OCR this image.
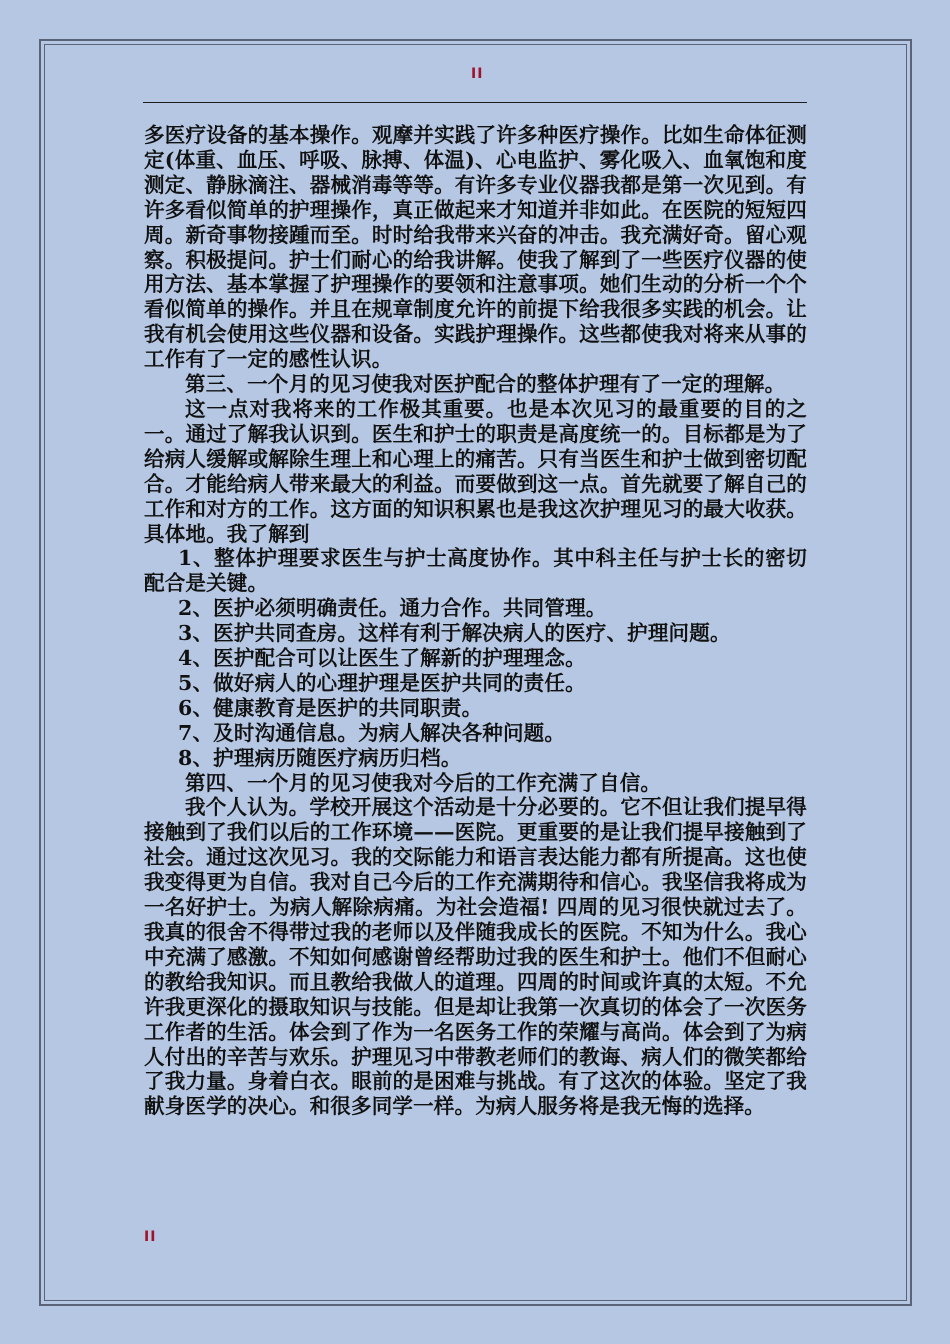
II

多医疗设备的基本操作。观摩并实践了许多种医疗操作。比如生命体征测定(体重、血压、呼吸、脉搏、体温)、心电监护、雾化吸入、血氧饱和度测定、静脉滴注、器械消毒等等。有许多专业仪器我都是第一次见到。有许多看似简单的护理操作，真正做起来才知道并非如此。在医院的短短四周。新奇事物接踵而至。时时给我带来兴奋的冲击。我充满好奇。留心观察。积极提问。护士们耐心的给我讲解。使我了解到了一些医疗仪器的使用方法、基本掌握了护理操作的要领和注意事项。她们生动的分析一个个看似简单的操作。并且在规章制度允许的前提下给我很多实践的机会。让我有机会使用这些仪器和设备。实践护理操作。这些都使我对将来从事的工作有了一定的感性认识。

第三、一个月的见习使我对医护配合的整体护理有了一定的理解。

这一点对我将来的工作极其重要。也是本次见习的最重要的目的之一。通过了解我认识到。医生和护士的职责是高度统一的。目标都是为了给病人缓解或解除生理上和心理上的痛苦。只有当医生和护士做到密切配合。才能给病人带来最大的利益。而要做到这一点。首先就要了解自己的工作和对方的工作。这方面的知识积累也是我这次护理见习的最大收获。具体地。我了解到

1、整体护理要求医生与护士高度协作。其中科主任与护士长的密切配合是关键。

2、医护必须明确责任。通力合作。共同管理。

3、医护共同查房。这样有利于解决病人的医疗、护理问题。

4、医护配合可以让医生了解新的护理理念。

5、做好病人的心理护理是医护共同的责任。

6、健康教育是医护的共同职责。

7、及时沟通信息。为病人解决各种问题。

8、护理病历随医疗病历归档。

第四、一个月的见习使我对今后的工作充满了自信。

我个人认为。学校开展这个活动是十分必要的。它不但让我们提早得接触到了我们以后的工作环境——医院。更重要的是让我们提早接触到了社会。通过这次见习。我的交际能力和语言表达能力都有所提高。这也使我变得更为自信。我对自己今后的工作充满期待和信心。我坚信我将成为一名好护士。为病人解除病痛。为社会造福! 四周的见习很快就过去了。我真的很舍不得带过我的老师以及伴随我成长的医院。不知为什么。我心中充满了感激。不知如何感谢曾经帮助过我的医生和护士。他们不但耐心的教给我知识。而且教给我做人的道理。四周的时间或许真的太短。不允许我更深化的摄取知识与技能。但是却让我第一次真切的体会了一次医务工作者的生活。体会到了作为一名医务工作的荣耀与高尚。体会到了为病人付出的辛苦与欢乐。护理见习中带教老师们的教诲、病人们的微笑都给了我力量。身着白衣。眼前的是困难与挑战。有了这次的体验。坚定了我献身医学的决心。和很多同学一样。为病人服务将是我无悔的选择。

II
